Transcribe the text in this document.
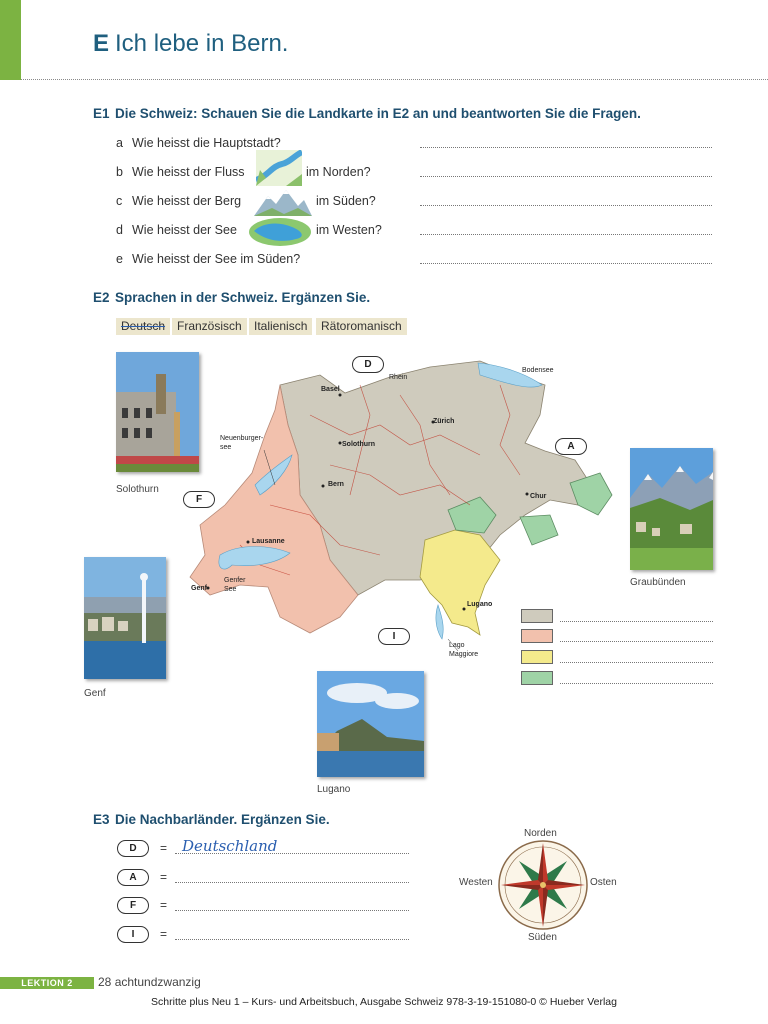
E Ich lebe in Bern.
E1 Die Schweiz: Schauen Sie die Landkarte in E2 an und beantworten Sie die Fragen.
a Wie heisst die Hauptstadt?
b Wie heisst der Fluss	im Norden?
c Wie heisst der Berg	im Süden?
d Wie heisst der See	im Westen?
e Wie heisst der See im Süden?
E2 Sprachen in der Schweiz. Ergänzen Sie.
Deutsch Französisch	Italienisch	Rätoromanisch
Basel
Rhein
Bodensee
Zürich
Solothurn
Neuenburger-
see
Bern
Chur
Lausanne
Genf
Genfer
See
Lugano
Lago
Maggiore
D
A
F
I
Solothurn
Genf
Lugano
Graubünden
E3 Die Nachbarländer. Ergänzen Sie.
D	= Deutschland
A	=
F	=
I	=
Norden
Süden
Westen	Osten
LEKTION 2	28 achtundzwanzig
Schritte plus Neu 1 – Kurs- und Arbeitsbuch, Ausgabe Schweiz 978-3-19-151080-0 © Hueber Verlag
